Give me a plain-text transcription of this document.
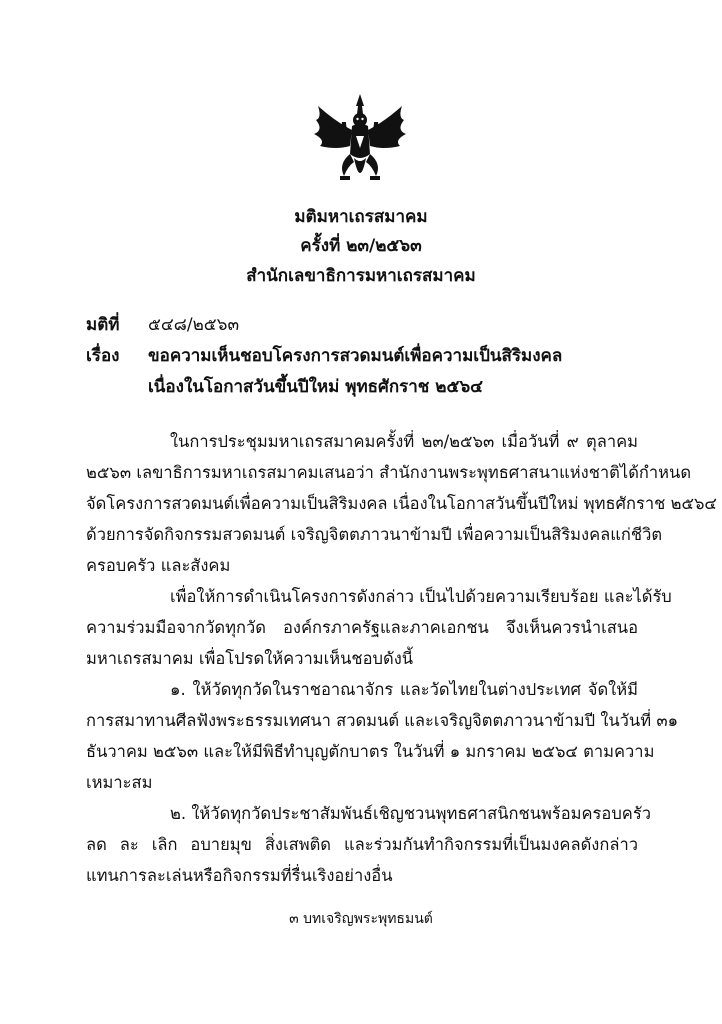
มติมหาเถรสมาคม
ครั้งที่ ๒๓/๒๕๖๓
สำนักเลขาธิการมหาเถรสมาคม
มติที่ ๕๔๘/๒๕๖๓
เรื่อง ขอความเห็นชอบโครงการสวดมนต์เพื่อความเป็นสิริมงคล
เนื่องในโอกาสวันขึ้นปีใหม่ พุทธศักราช ๒๕๖๔
ในการประชุมมหาเถรสมาคมครั้งที่ ๒๓/๒๕๖๓ เมื่อวันที่ ๙ ตุลาคม
๒๕๖๓ เลขาธิการมหาเถรสมาคมเสนอว่า สำนักงานพระพุทธศาสนาแห่งชาติได้กำหนด
จัดโครงการสวดมนต์เพื่อความเป็นสิริมงคล เนื่องในโอกาสวันขึ้นปีใหม่ พุทธศักราช ๒๕๖๔
ด้วยการจัดกิจกรรมสวดมนต์ เจริญจิตตภาวนาข้ามปี เพื่อความเป็นสิริมงคลแก่ชีวิต
ครอบครัว และสังคม
เพื่อให้การดำเนินโครงการดังกล่าว เป็นไปด้วยความเรียบร้อย และได้รับ
ความร่วมมือจากวัดทุกวัด องค์กรภาครัฐและภาคเอกชน จึงเห็นควรนำเสนอ
มหาเถรสมาคม เพื่อโปรดให้ความเห็นชอบดังนี้
๑. ให้วัดทุกวัดในราชอาณาจักร และวัดไทยในต่างประเทศ จัดให้มี
การสมาทานศีลฟังพระธรรมเทศนา สวดมนต์ และเจริญจิตตภาวนาข้ามปี ในวันที่ ๓๑
ธันวาคม ๒๕๖๓ และให้มีพิธีทำบุญตักบาตร ในวันที่ ๑ มกราคม ๒๕๖๔ ตามความ
เหมาะสม
๒. ให้วัดทุกวัดประชาสัมพันธ์เชิญชวนพุทธศาสนิกชนพร้อมครอบครัว
ลด ละ เลิก อบายมุข สิ่งเสพติด และร่วมกันทำกิจกรรมที่เป็นมงคลดังกล่าว
แทนการละเล่นหรือกิจกรรมที่รื่นเริงอย่างอื่น
๓ บทเจริญพระพุทธมนต์
